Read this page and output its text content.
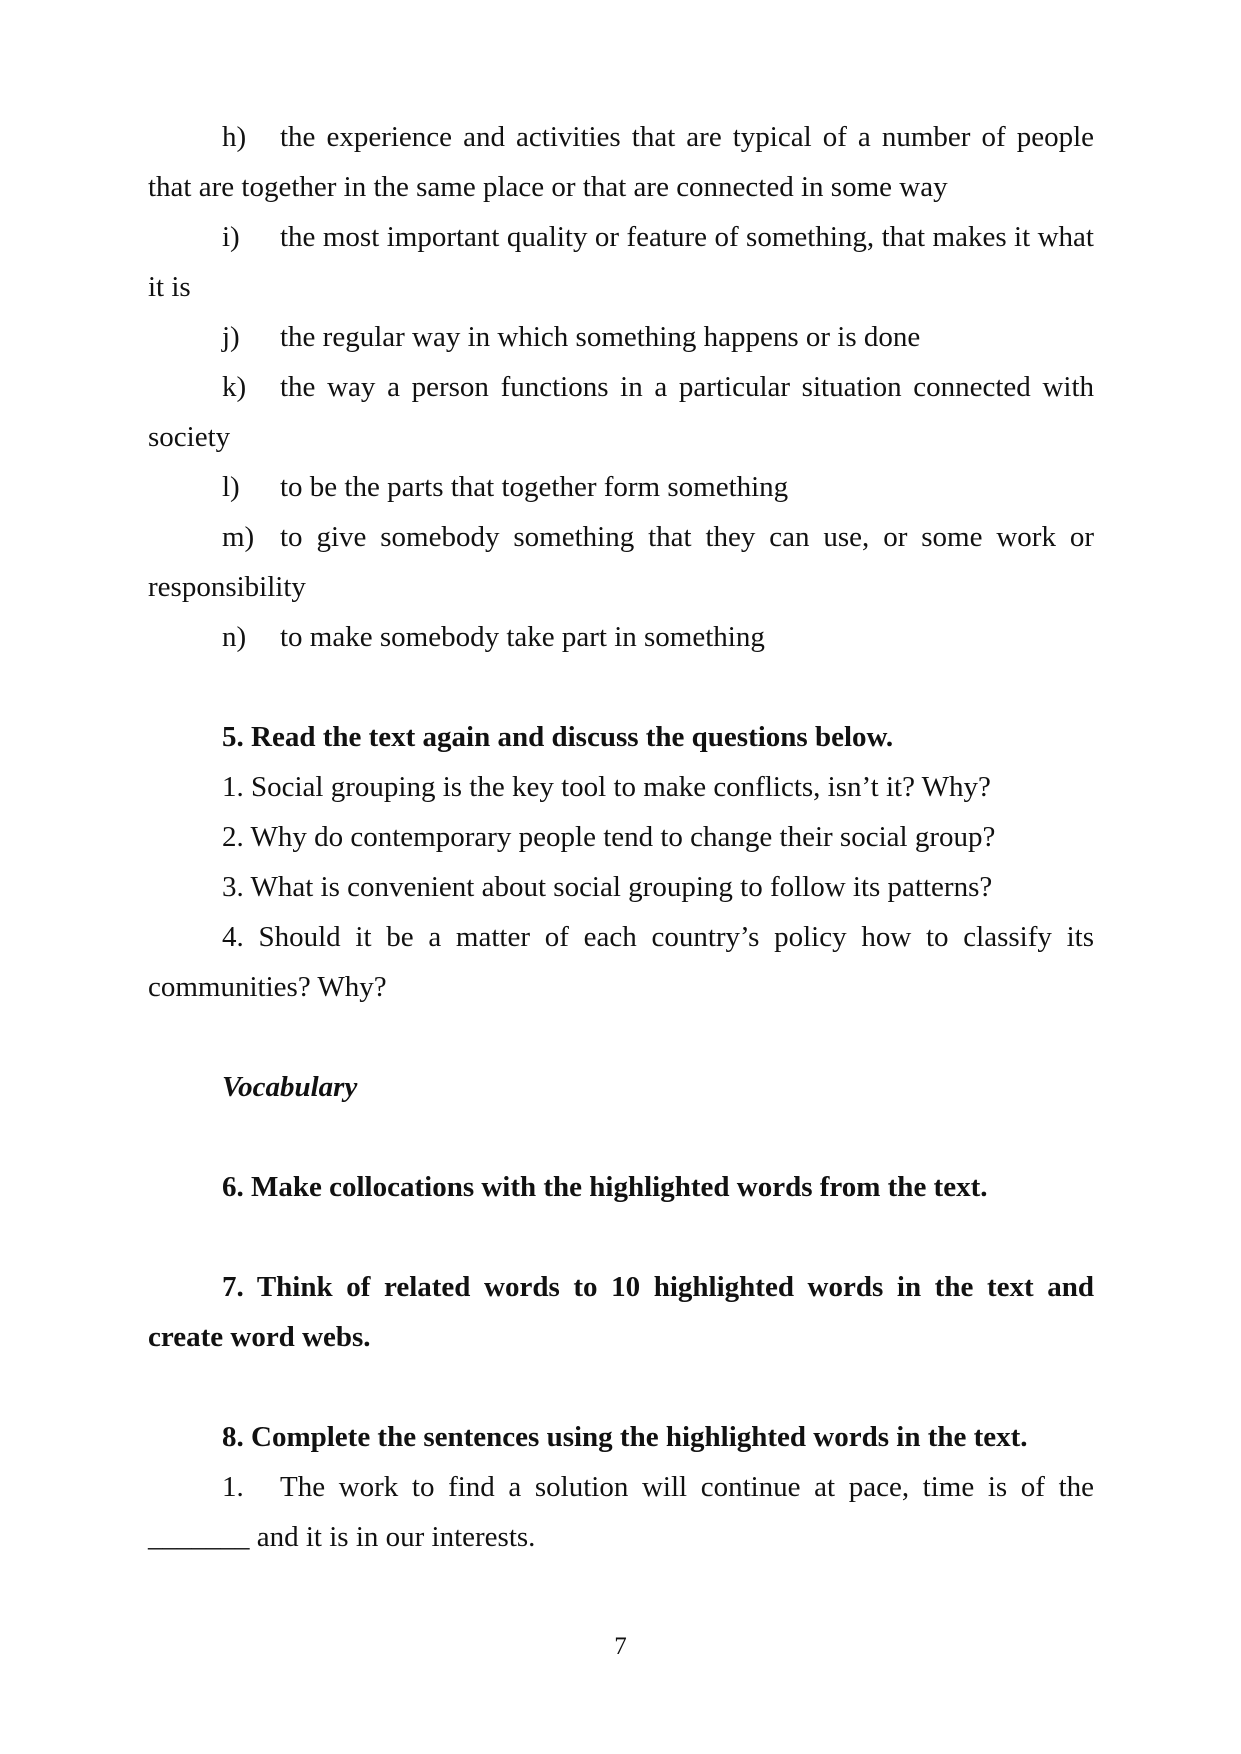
h) the experience and activities that are typical of a number of people that are together in the same place or that are connected in some way

i) the most important quality or feature of something, that makes it what it is

j) the regular way in which something happens or is done

k) the way a person functions in a particular situation connected with society

l) to be the parts that together form something

m) to give somebody something that they can use, or some work or responsibility

n) to make somebody take part in something

5. Read the text again and discuss the questions below.

1. Social grouping is the key tool to make conflicts, isn’t it? Why?

2. Why do contemporary people tend to change their social group?

3. What is convenient about social grouping to follow its patterns?

4. Should it be a matter of each country’s policy how to classify its communities? Why?

Vocabulary

6. Make collocations with the highlighted words from the text.

7. Think of related words to 10 highlighted words in the text and create word webs.

8. Complete the sentences using the highlighted words in the text.

1. The work to find a solution will continue at pace, time is of the _______ and it is in our interests.

7
